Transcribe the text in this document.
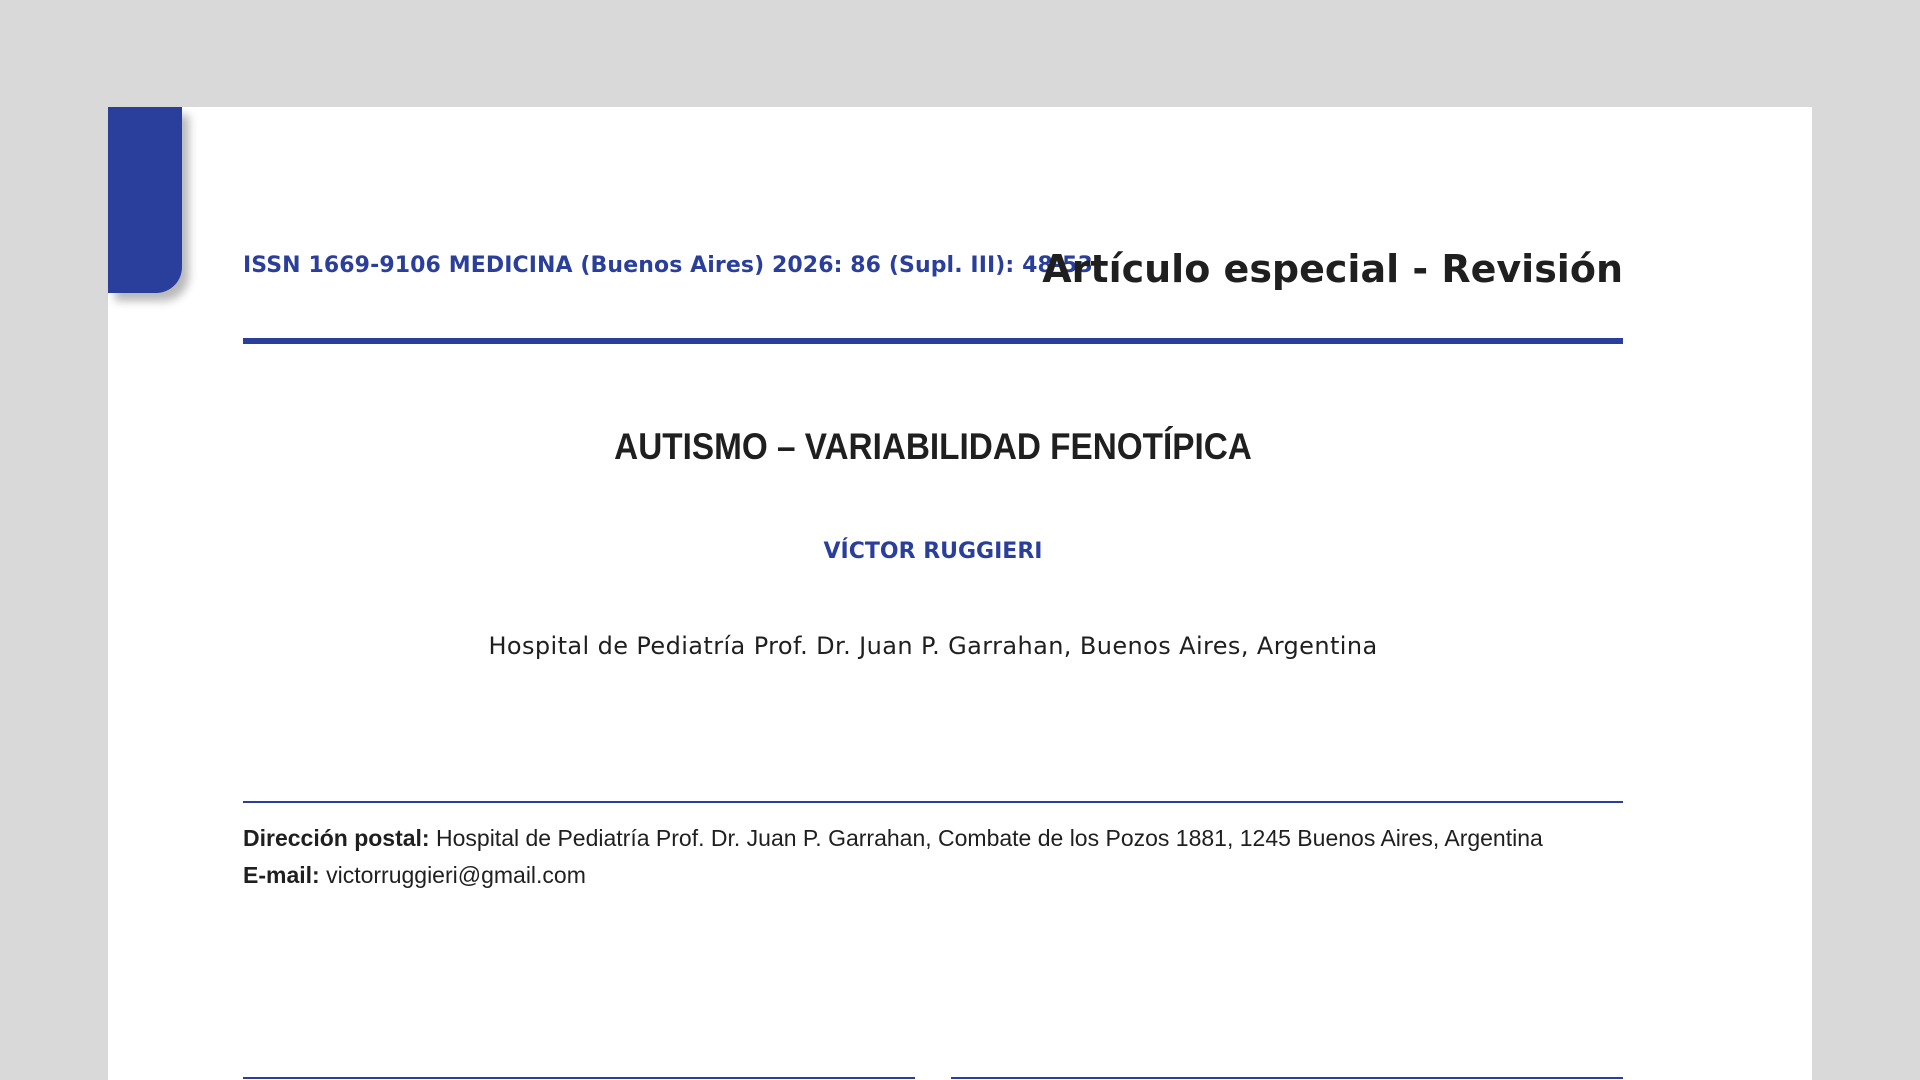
ISSN 1669-9106 MEDICINA (Buenos Aires) 2026: 86 (Supl. III): 48-53
Artículo especial - Revisión
AUTISMO – VARIABILIDAD FENOTÍPICA
VÍCTOR RUGGIERI
Hospital de Pediatría Prof. Dr. Juan P. Garrahan, Buenos Aires, Argentina
Dirección postal: Hospital de Pediatría Prof. Dr. Juan P. Garrahan, Combate de los Pozos 1881, 1245 Buenos Aires, Argentina
E-mail: victorruggieri@gmail.com
